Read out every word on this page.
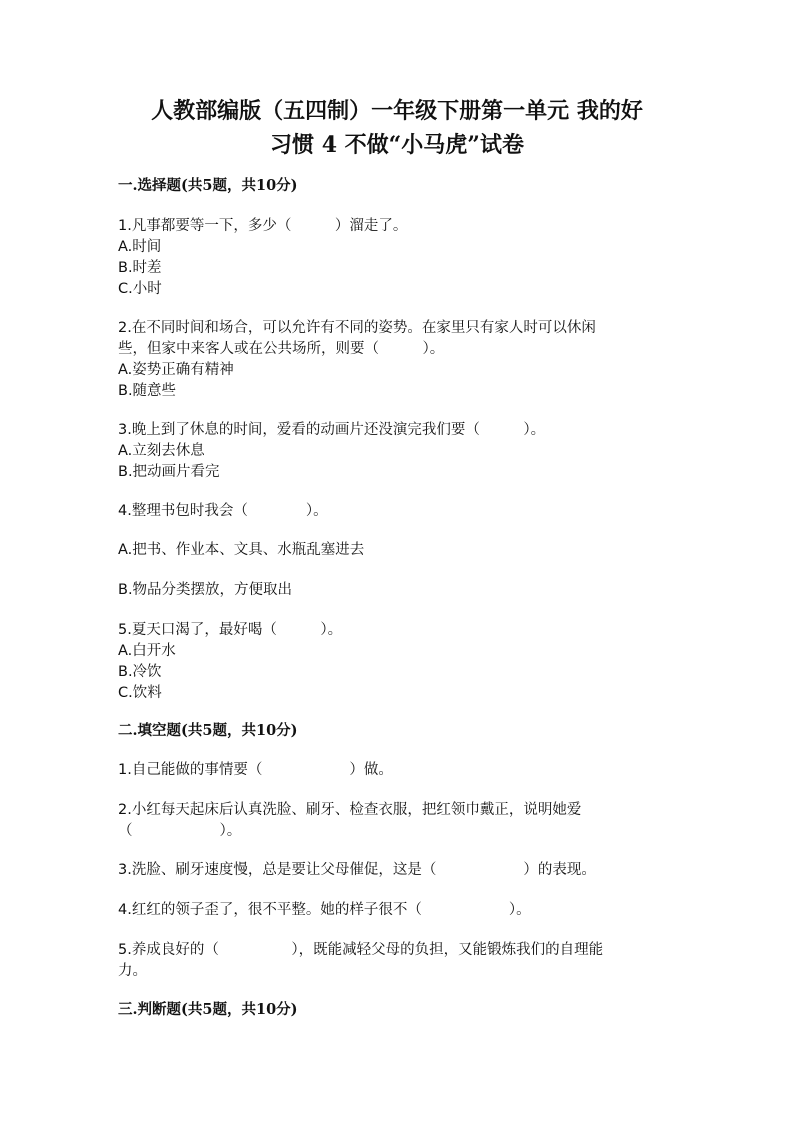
人教部编版（五四制）一年级下册第一单元 我的好
习惯 4 不做“小马虎”试卷
一.选择题(共5题，共10分)
1.凡事都要等一下，多少（　　　）溜走了。
A.时间
B.时差
C.小时
2.在不同时间和场合，可以允许有不同的姿势。在家里只有家人时可以休闲
些，但家中来客人或在公共场所，则要（　　　）。
A.姿势正确有精神
B.随意些
3.晚上到了休息的时间，爱看的动画片还没演完我们要（　　　）。
A.立刻去休息
B.把动画片看完
4.整理书包时我会（　　　　）。
A.把书、作业本、文具、水瓶乱塞进去
B.物品分类摆放，方便取出
5.夏天口渴了，最好喝（　　　）。
A.白开水
B.冷饮
C.饮料
二.填空题(共5题，共10分)
1.自己能做的事情要（　　　　　　）做。
2.小红每天起床后认真洗脸、刷牙、检查衣服，把红领巾戴正，说明她爱
（　　　　　　）。
3.洗脸、刷牙速度慢，总是要让父母催促，这是（　　　　　　）的表现。
4.红红的领子歪了，很不平整。她的样子很不（　　　　　　）。
5.养成良好的（　　　　　），既能减轻父母的负担，又能锻炼我们的自理能
力。
三.判断题(共5题，共10分)
